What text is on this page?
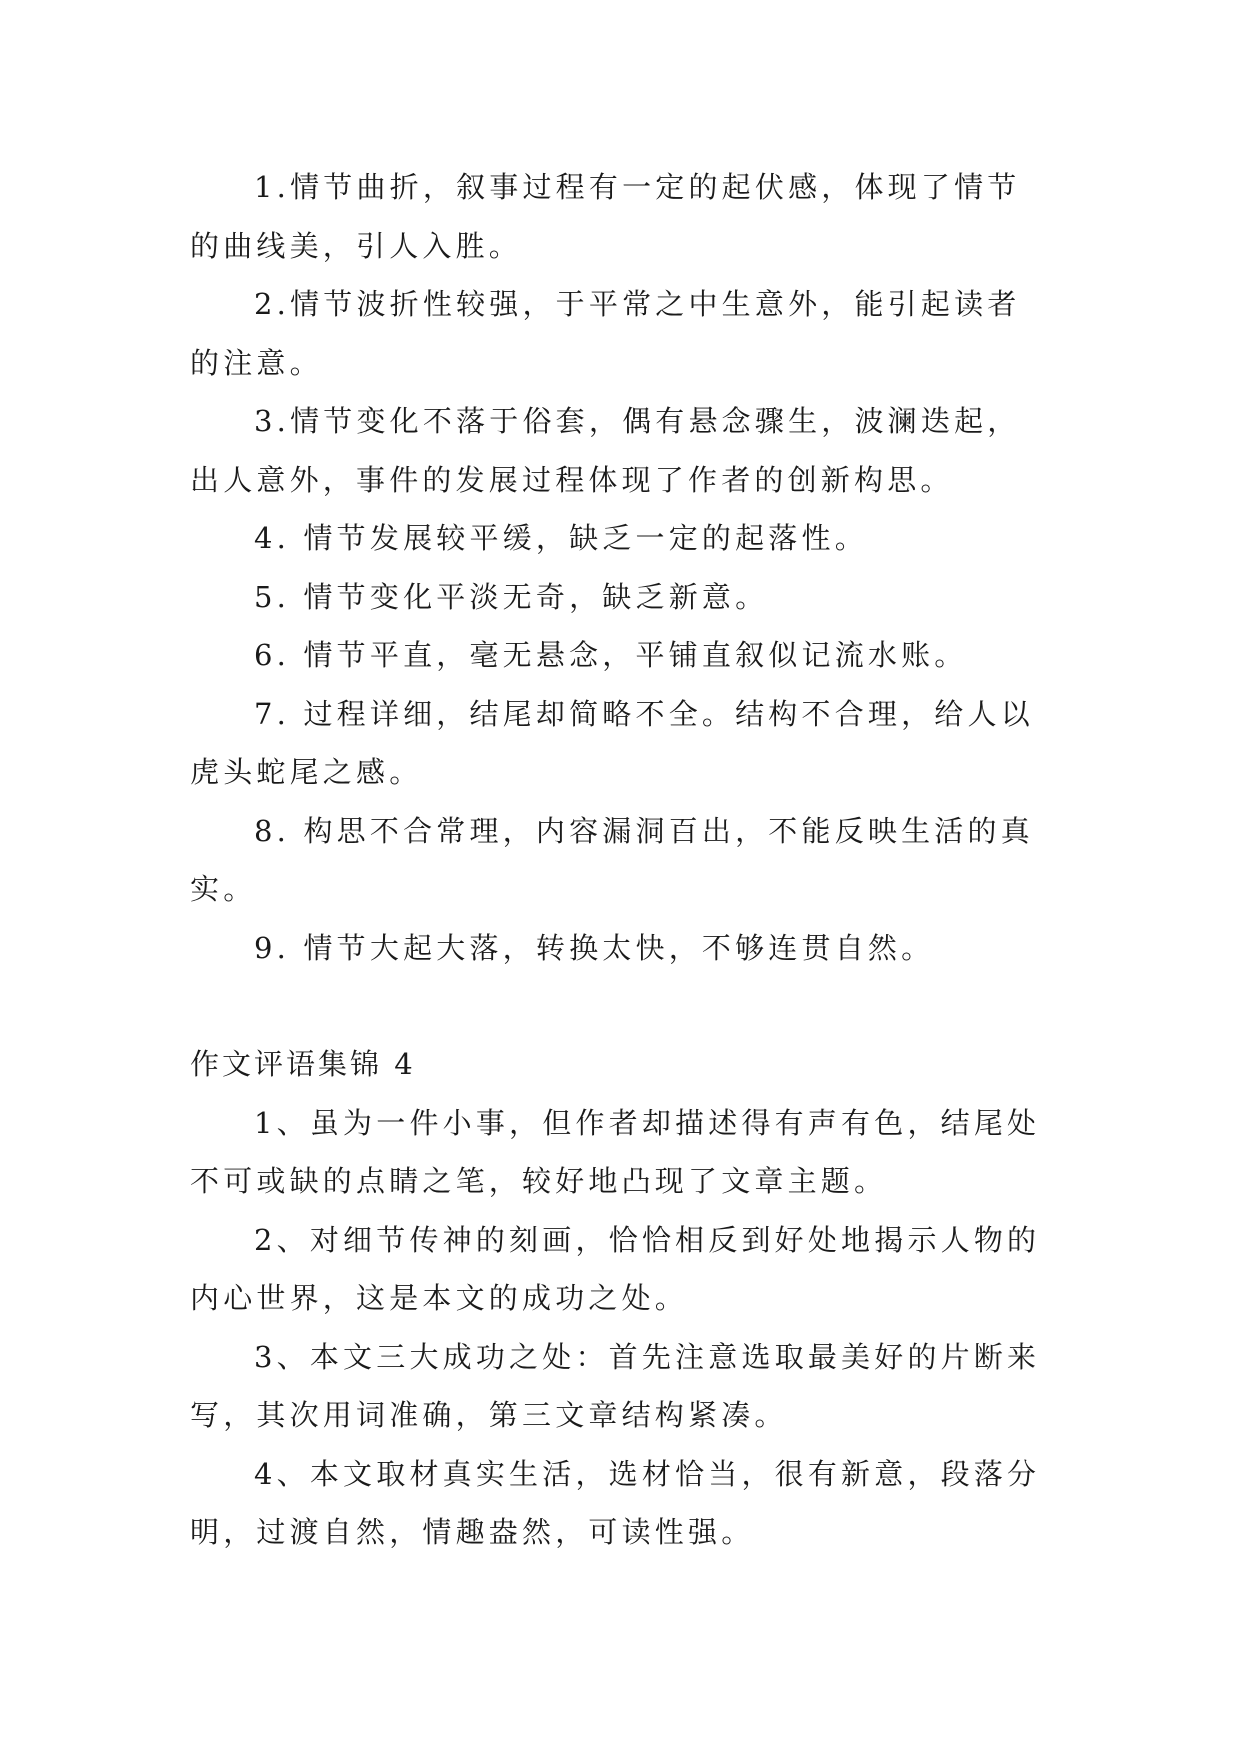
1.情节曲折，叙事过程有一定的起伏感，体现了情节的曲线美，引人入胜。

2.情节波折性较强，于平常之中生意外，能引起读者的注意。

3.情节变化不落于俗套，偶有悬念骤生，波澜迭起，出人意外，事件的发展过程体现了作者的创新构思。

4. 情节发展较平缓，缺乏一定的起落性。

5. 情节变化平淡无奇，缺乏新意。

6. 情节平直，毫无悬念，平铺直叙似记流水账。

7. 过程详细，结尾却简略不全。结构不合理，给人以虎头蛇尾之感。

8. 构思不合常理，内容漏洞百出，不能反映生活的真实。

9. 情节大起大落，转换太快，不够连贯自然。

作文评语集锦 4

1、虽为一件小事，但作者却描述得有声有色，结尾处不可或缺的点睛之笔，较好地凸现了文章主题。

2、对细节传神的刻画，恰恰相反到好处地揭示人物的内心世界，这是本文的成功之处。

3、本文三大成功之处：首先注意选取最美好的片断来写，其次用词准确，第三文章结构紧凑。

4、本文取材真实生活，选材恰当，很有新意，段落分明，过渡自然，情趣盎然，可读性强。
